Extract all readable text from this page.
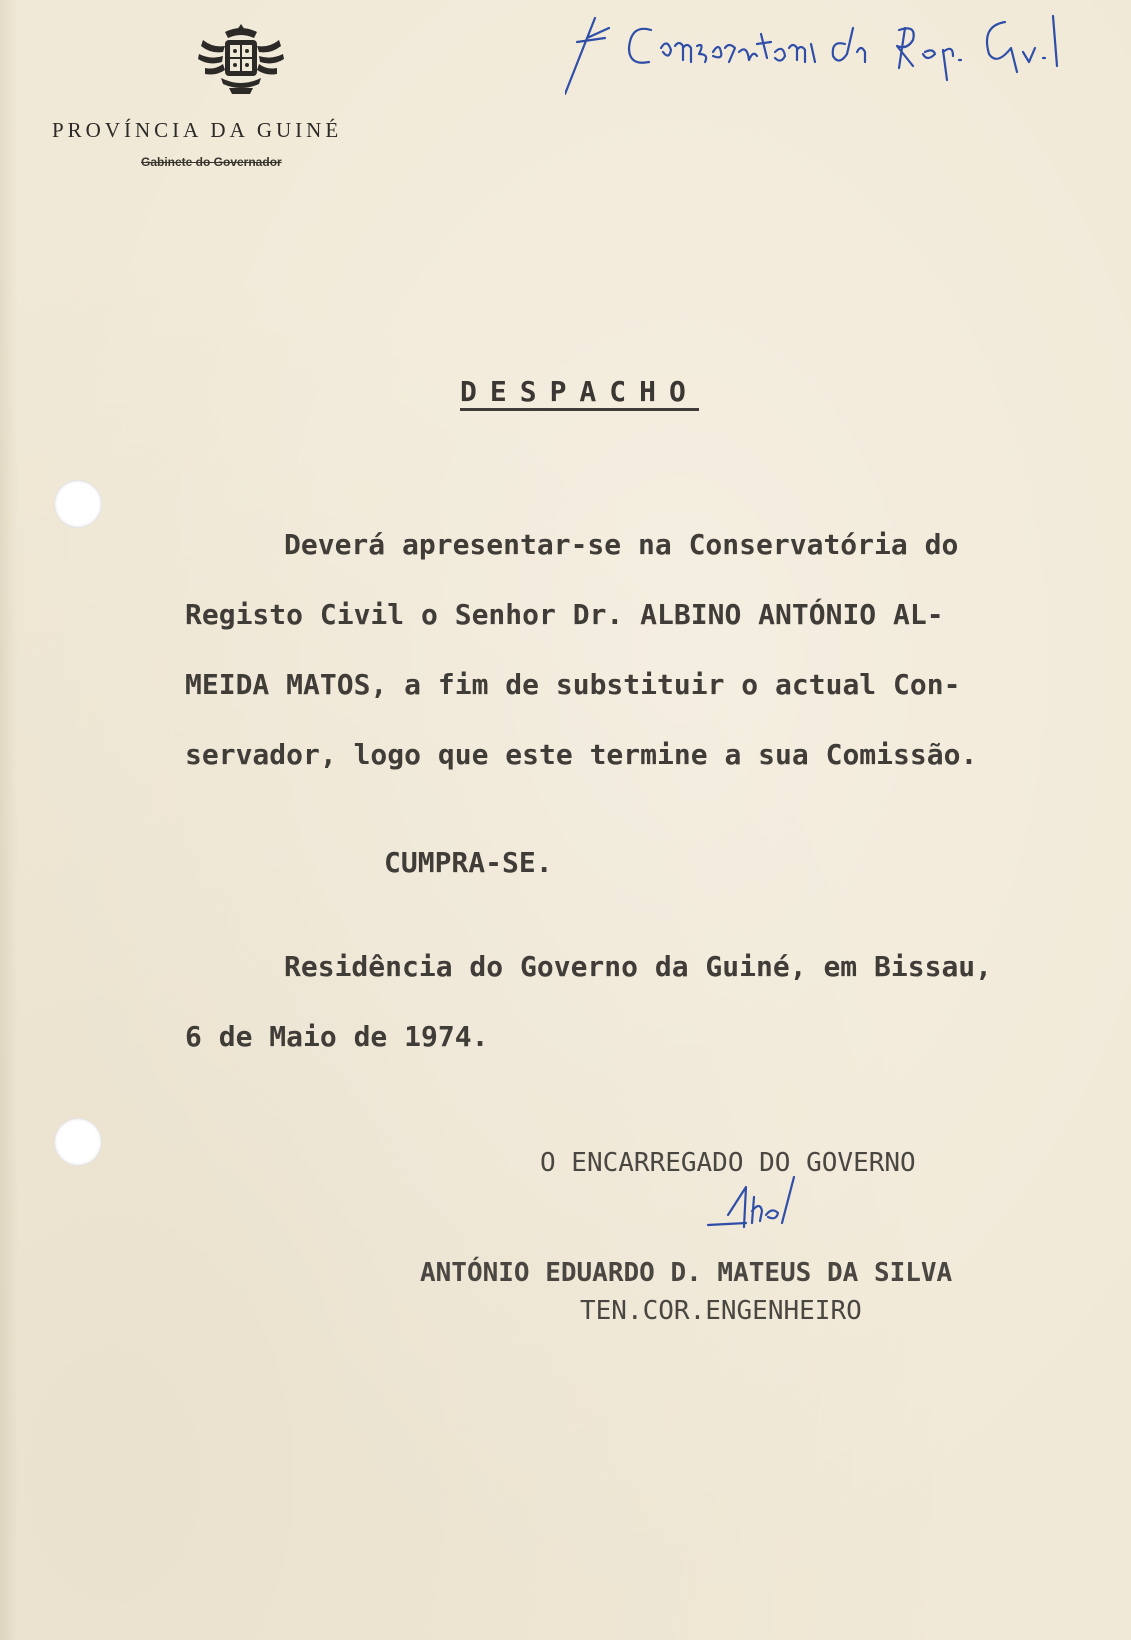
PROVÍNCIA DA GUINÉ
Gabinete do Governador
DESPACHO
Deverá apresentar-se na Conservatória do
Registo Civil o Senhor Dr. ALBINO ANTÓNIO AL-
MEIDA MATOS, a fim de substituir o actual Con-
servador, logo que este termine a sua Comissão.
CUMPRA-SE.
Residência do Governo da Guiné, em Bissau,
6 de Maio de 1974.
O ENCARREGADO DO GOVERNO
ANTÓNIO EDUARDO D. MATEUS DA SILVA
TEN.COR.ENGENHEIRO
